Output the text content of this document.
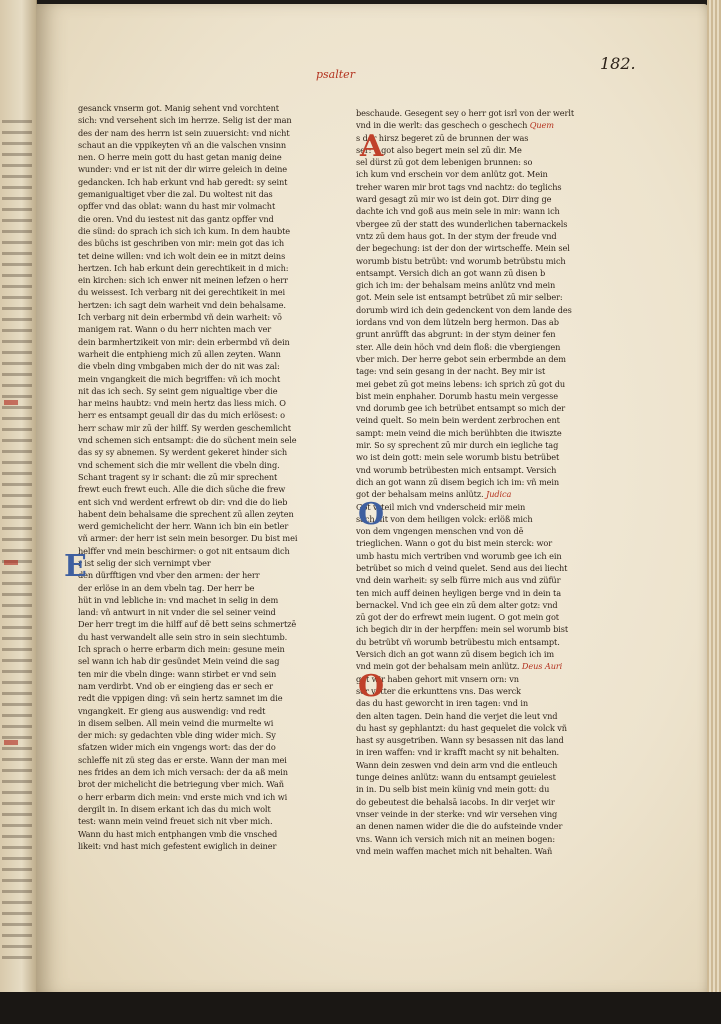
psalter
182.
gesanck vnserm got. Manig sehent vnd vorchtent
sich: vnd versehent sich im herrze. Selig ist der man
des der nam des herrn ist sein zuuersicht: vnd nicht
schaut an die vppikeyten vñ an die valschen vnsinn
nen. O herre mein gott du hast getan manig deine
wunder: vnd er ist nit der dir wirre geleich in deine
gedancken. Ich hab erkunt vnd hab geredt: sy seint
gemanigualtiget vber die zal. Du woltest nit das
opffer vnd das oblat: wann du hast mir volmacht
die oren. Vnd du iestest nit das gantz opffer vnd
die sünd: do sprach ich sich ich kum. In dem haubte
des büchs ist geschriben von mir: mein got das ich
tet deine willen: vnd ich wolt dein ee in mitzt deins
hertzen. Ich hab erkunt dein gerechtikeit in d mich:
ein kirchen: sich ich enwer nit meinen lefzen o herr
du weissest. Ich verbarg nit dei gerechtikeit in mei
hertzen: ich sagt dein warheit vnd dein behalsame.
Ich verbarg nit dein erbermbd vñ dein warheit: vō
manigem rat. Wann o du herr nichten mach ver
dein barmhertzikeit von mir: dein erbermbd vñ dein
warheit die entphieng mich zū allen zeyten. Wann
die vbeln ding vmbgaben mich der do nit was zal:
mein vngangkeit die mich begriffen: vñ ich mocht
nit das ich sech. Sy seint gem nigualtige vber die
har meins haubtz: vnd mein hertz das liess mich. O
herr es entsampt geuall dir das du mich erlösest: o
herr schaw mir zū der hilff. Sy werden geschemlicht
vnd schemen sich entsampt: die do süchent mein sele
das sy sy abnemen. Sy werdent gekeret hinder sich
vnd schement sich die mir wellent die vbeln ding.
Schant tragent sy ir schant: die zū mir sprechent
frewt euch frewt euch. Alle die dich süche die frew
ent sich vnd werdent erfrewt ob dir: vnd die do lieb
habent dein behalsame die sprechent zū allen zeyten
werd gemichelicht der herr. Wann ich bin ein betler
vñ armer: der herr ist sein mein besorger. Du bist mei
helffer vnd mein beschirmer: o got nit entsaum dich
r ist selig der sich vernimpt vber
den dürfftigen vnd vber den armen: der herr
der erlöse in an dem vbeln tag. Der herr be
hüt in vnd lebliche in: vnd machet in selig in dem
land: vñ antwurt in nit vnder die sel seiner veind
Der herr tregt im die hilff auf dē bett seins schmertzē
du hast verwandelt alle sein stro in sein siechtumb.
Ich sprach o herre erbarm dich mein: gesune mein
sel wann ich hab dir gesündet Mein veind die sag
ten mir die vbeln dinge: wann stirbet er vnd sein
nam verdirbt. Vnd ob er eingieng das er sech er
redt die vppigen ding: vñ sein hertz samnet im die
vngangkeit. Er gieng aus auswendig: vnd redt
in disem selben. All mein veind die murmelte wi
der mich: sy gedachten vble ding wider mich. Sy
sfatzen wider mich ein vngengs wort: das der do
schleffe nit zü steg das er erste. Wann der man mei
nes frides an dem ich mich versach: der da aß mein
brot der michelicht die betriegung vber mich. Wañ
o herr erbarm dich mein: vnd erste mich vnd ich wi
dergilt in. In disem erkant ich das du mich wolt
test: wann mein veind freuet sich nit vber mich.
Wann du hast mich entphangen vmb die vnsched
likeit: vnd hast mich gefestent ewiglich in deiner
beschaude. Gesegent sey o herr got isrl von der werlt
vnd in die werlt: das geschech o geschech Quem
s der hirsz begeret zū de brunnen der was
ser: o got also begert mein sel zū dir. Me
sel dürst zū got dem lebenigen brunnen: so
ich kum vnd erschein vor dem anlütz got. Mein
treher waren mir brot tags vnd nachtz: do teglichs
ward gesagt zū mir wo ist dein got. Dirr ding ge
dachte ich vnd goß aus mein sele in mir: wann ich
vbergee zū der statt des wunderlichen tabernackels
vntz zū dem haus got. In der stym der freude vnd
der begechung: ist der don der wirtscheffe. Mein sel
worumb bistu betrübt: vnd worumb betrübstu mich
entsampt. Versich dich an got wann zū disen b
gich ich im: der behalsam meins anlütz vnd mein
got. Mein sele ist entsampt betrübet zū mir selber:
dorumb wird ich dein gedenckent von dem lande des
iordans vnd von dem lützeln berg hermon. Das ab
grunt anrüfft das abgrunt: in der stym deiner fen
ster. Alle dein höch vnd dein floß: die vbergiengen
vber mich. Der herre gebot sein erbermbde an dem
tage: vnd sein gesang in der nacht. Bey mir ist
mei gebet zū got meins lebens: ich sprich zū got du
bist mein enphaher. Dorumb hastu mein vergesse
vnd dorumb gee ich betrübet entsampt so mich der
veind quelt. So mein bein werdent zerbrochen ent
sampt: mein veind die mich berühbten die itwiszte
mir. So sy sprechent zū mir durch ein iegliche tag
wo ist dein gott: mein sele worumb bistu betrübet
vnd worumb betrübesten mich entsampt. Versich
dich an got wann zū disem begich ich im: vñ mein
got der behalsam meins anlütz. Judica
Got vrteil mich vnd vnderscheid mir mein
sach nit von dem heiligen volck: erlöß mich
von dem vngengen menschen vnd von dē
trieglichen. Wann o got du bist mein sterck: wor
umb hastu mich vertriben vnd worumb gee ich ein
betrübet so mich d veind quelet. Send aus dei liecht
vnd dein warheit: sy selb fürre mich aus vnd züfür
ten mich auff deinen heyligen berge vnd in dein ta
bernackel. Vnd ich gee ein zū dem alter gotz: vnd
zū got der do erfrewt mein iugent. O got mein got
ich begich dir in der herpffen: mein sel worumb bist
du betrübt vñ worumb betrübestu mich entsampt.
Versich dich an got wann zū disem begich ich im
vnd mein got der behalsam mein anlütz. Deus Auri
got wir haben gehort mit vnsern orn: vn
ser vetter die erkunttens vns. Das werck
das du hast geworcht in iren tagen: vnd in
den alten tagen. Dein hand die verjet die leut vnd
du hast sy gephlantzt: du hast gequelet die volck vñ
hast sy ausgetriben. Wann sy besassen nit das land
in iren waffen: vnd ir krafft macht sy nit behalten.
Wann dein zeswen vnd dein arm vnd die entleuch
tunge deines anlütz: wann du entsampt geuielest
in in. Du selb bist mein künig vnd mein gott: du
do gebeutest die behalsā iacobs. In dir verjet wir
vnser veinde in der sterke: vnd wir versehen ving
an denen namen wider die die do aufsteinde vnder
vns. Wann ich versich mich nit an meinen bogen:
vnd mein waffen machet mich nit behalten. Wañ
E
A
O
O
